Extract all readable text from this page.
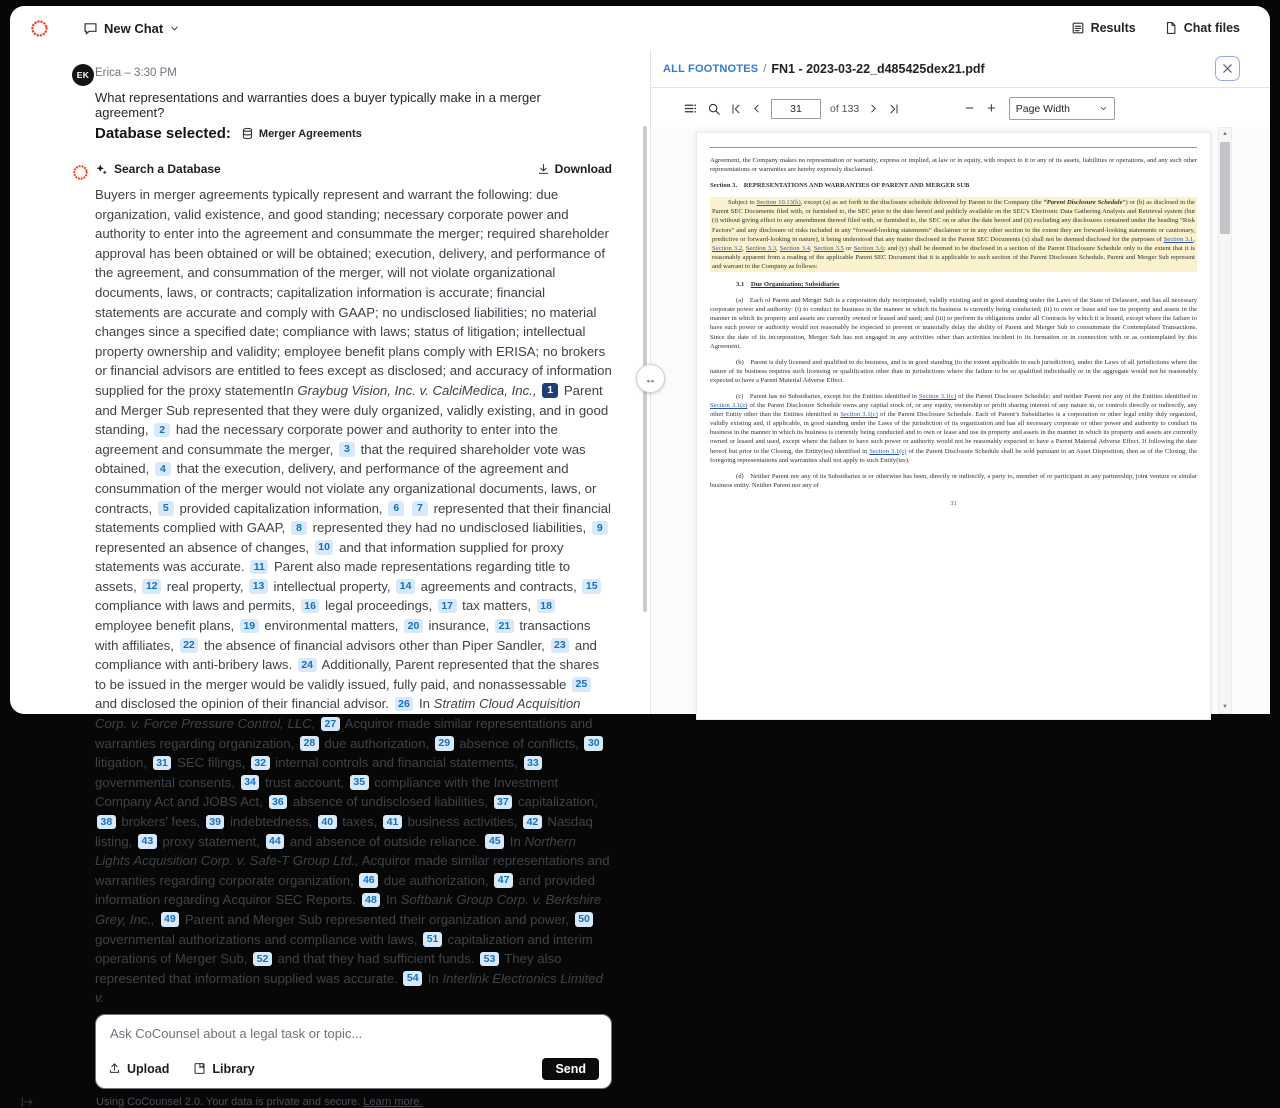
New Chat	Results	Chat files
EK Erica – 3:30 PM
What representations and warranties does a buyer typically make in a merger agreement?
Database selected:	Merger Agreements
Search a Database	Download
Buyers in merger agreements typically represent and warrant the following: due organization, valid existence, and good standing; necessary corporate power and authority to enter into the agreement and consummate the merger; required shareholder approval has been obtained or will be obtained; execution, delivery, and performance of the agreement, and consummation of the merger, will not violate organizational documents, laws, or contracts; capitalization information is accurate; financial statements are accurate and comply with GAAP; no undisclosed liabilities; no material changes since a specified date; compliance with laws; status of litigation; intellectual property ownership and validity; employee benefit plans comply with ERISA; no brokers or financial advisors are entitled to fees except as disclosed; and accuracy of information supplied for the proxy statementIn Graybug Vision, Inc. v. CalciMedica, Inc., 1 Parent and Merger Sub represented that they were duly organized, validly existing, and in good standing, 2 had the necessary corporate power and authority to enter into the agreement and consummate the merger, 3 that the required shareholder vote was obtained, 4 that the execution, delivery, and performance of the agreement and consummation of the merger would not violate any organizational documents, laws, or contracts, 5 provided capitalization information, 6 7 represented that their financial statements complied with GAAP, 8 represented they had no undisclosed liabilities, 9 represented an absence of changes, 10 and that information supplied for proxy statements was accurate. 11 Parent also made representations regarding title to assets, 12 real property, 13 intellectual property, 14 agreements and contracts, 15 compliance with laws and permits, 16 legal proceedings, 17 tax matters, 18 employee benefit plans, 19 environmental matters, 20 insurance, 21 transactions with affiliates, 22 the absence of financial advisors other than Piper Sandler, 23 and compliance with anti-bribery laws. 24 Additionally, Parent represented that the shares to be issued in the merger would be validly issued, fully paid, and nonassessable 25 and disclosed the opinion of their financial advisor. 26 In Stratim Cloud Acquisition Corp. v. Force Pressure Control, LLC, 27 Acquiror made similar representations and warranties regarding organization, 28 due authorization, 29 absence of conflicts, 30 litigation, 31 SEC filings, 32 internal controls and financial statements, 33 governmental consents, 34 trust account, 35 compliance with the Investment Company Act and JOBS Act, 36 absence of undisclosed liabilities, 37 capitalization, 38 brokers' fees, 39 indebtedness, 40 taxes, 41 business activities, 42 Nasdaq listing, 43 proxy statement, 44 and absence of outside reliance. 45 In Northern Lights Acquisition Corp. v. Safe-T Group Ltd., Acquiror made similar representations and warranties regarding corporate organization, 46 due authorization, 47 and provided information regarding Acquiror SEC Reports. 48 In Softbank Group Corp. v. Berkshire Grey, Inc., 49 Parent and Merger Sub represented their organization and power, 50 governmental authorizations and compliance with laws, 51 capitalization and interim operations of Merger Sub, 52 and that they had sufficient funds. 53 They also represented that information supplied was accurate. 54 In Interlink Electronics Limited v.
Ask CoCounsel about a legal task or topic...
Upload	Library	Send
Using CoCounsel 2.0. Your data is private and secure. Learn more.
↔
ALL FOOTNOTES / FN1 - 2023-03-22_d485425dex21.pdf
31
of 133	− + Page Width
Agreement, the Company makes no representation or warranty, express or implied, at law or in equity, with respect to it or any of its assets, liabilities or operations, and any such other representations or warranties are hereby expressly disclaimed.
Section 3.  REPRESENTATIONS AND WARRANTIES OF PARENT AND MERGER SUB
Subject to Section 10.13(h), except (a) as set forth in the disclosure schedule delivered by Parent to the Company (the “Parent Disclosure Schedule”) or (b) as disclosed in the Parent SEC Documents filed with, or furnished to, the SEC prior to the date hereof and publicly available on the SEC’s Electronic Data Gathering Analysis and Retrieval system (but (i) without giving effect to any amendment thereof filed with, or furnished to, the SEC on or after the date hereof and (ii) excluding any disclosures contained under the heading “Risk Factors” and any disclosure of risks included in any “forward-looking statements” disclaimer or in any other section to the extent they are forward-looking statements or cautionary, predictive or forward-looking in nature), it being understood that any matter disclosed in the Parent SEC Documents (x) shall not be deemed disclosed for the purposes of Section 3.1, Section 3.2, Section 3.3, Section 3.4, Section 3.5 or Section 3.6; and (y) shall be deemed to be disclosed in a section of the Parent Disclosure Schedule only to the extent that it is reasonably apparent from a reading of the applicable Parent SEC Document that it is applicable to such section of the Parent Disclosure Schedule, Parent and Merger Sub represent and warrant to the Company as follows:
3.1  Due Organization; Subsidiaries
(a)  Each of Parent and Merger Sub is a corporation duly incorporated, validly existing and in good standing under the Laws of the State of Delaware, and has all necessary corporate power and authority: (i) to conduct its business in the manner in which its business is currently being conducted; (ii) to own or lease and use its property and assets in the manner in which its property and assets are currently owned or leased and used; and (iii) to perform its obligations under all Contracts by which it is bound, except where the failure to have such power or authority would not reasonably be expected to prevent or materially delay the ability of Parent and Merger Sub to consummate the Contemplated Transactions. Since the date of its incorporation, Merger Sub has not engaged in any activities other than activities incident to its formation or in connection with or as contemplated by this Agreement.
(b)  Parent is duly licensed and qualified to do business, and is in good standing (to the extent applicable in such jurisdiction), under the Laws of all jurisdictions where the nature of its business requires such licensing or qualification other than in jurisdictions where the failure to be so qualified individually or in the aggregate would not be reasonably expected to have a Parent Material Adverse Effect.
(c)  Parent has no Subsidiaries, except for the Entities identified in Section 3.1(c) of the Parent Disclosure Schedule; and neither Parent nor any of the Entities identified in Section 3.1(c) of the Parent Disclosure Schedule owns any capital stock of, or any equity, ownership or profit sharing interest of any nature in, or controls directly or indirectly, any other Entity other than the Entities identified in Section 3.1(c) of the Parent Disclosure Schedule. Each of Parent’s Subsidiaries is a corporation or other legal entity duly organized, validly existing and, if applicable, in good standing under the Laws of the jurisdiction of its organization and has all necessary corporate or other power and authority to conduct its business in the manner in which its business is currently being conducted and to own or lease and use its property and assets in the manner in which its property and assets are currently owned or leased and used, except where the failure to have such power or authority would not be reasonably expected to have a Parent Material Adverse Effect. If following the date hereof but prior to the Closing, the Entity(ies) identified in Section 3.1(c) of the Parent Disclosure Schedule shall be sold pursuant to an Asset Disposition, then as of the Closing, the foregoing representations and warranties shall not apply to such Entity(ies).
(d)  Neither Parent nor any of its Subsidiaries is or otherwise has been, directly or indirectly, a party to, member of or participant in any partnership, joint venture or similar business entity. Neither Parent nor any of
31
▲
▼
